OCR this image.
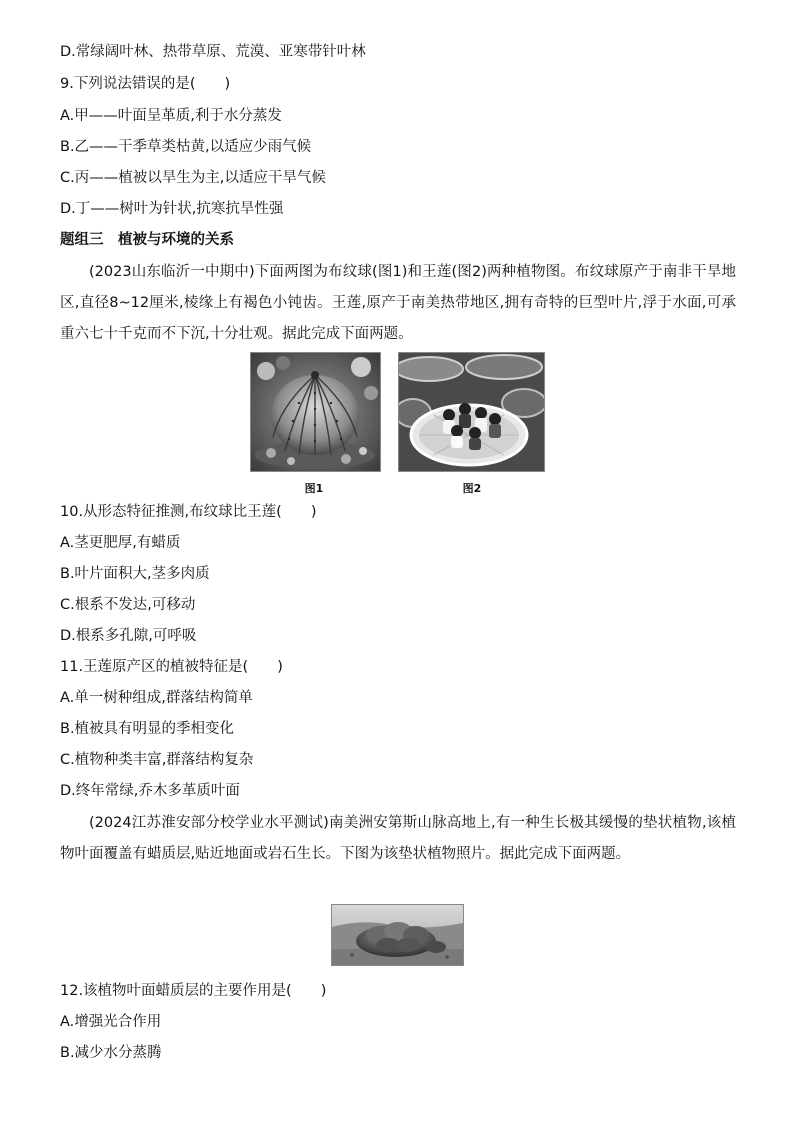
D.常绿阔叶林、热带草原、荒漠、亚寒带针叶林
9.下列说法错误的是(　　)
A.甲——叶面呈革质,利于水分蒸发
B.乙——干季草类枯黄,以适应少雨气候
C.丙——植被以旱生为主,以适应干旱气候
D.丁——树叶为针状,抗寒抗旱性强
题组三　植被与环境的关系
(2023山东临沂一中期中)下面两图为布纹球(图1)和王莲(图2)两种植物图。布纹球原产于南非干旱地区,直径8~12厘米,棱缘上有褐色小钝齿。王莲,原产于南美热带地区,拥有奇特的巨型叶片,浮于水面,可承重六七十千克而不下沉,十分壮观。据此完成下面两题。
图1	图2
10.从形态特征推测,布纹球比王莲(　　)
A.茎更肥厚,有蜡质
B.叶片面积大,茎多肉质
C.根系不发达,可移动
D.根系多孔隙,可呼吸
11.王莲原产区的植被特征是(　　)
A.单一树种组成,群落结构简单
B.植被具有明显的季相变化
C.植物种类丰富,群落结构复杂
D.终年常绿,乔木多革质叶面
(2024江苏淮安部分校学业水平测试)南美洲安第斯山脉高地上,有一种生长极其缓慢的垫状植物,该植物叶面覆盖有蜡质层,贴近地面或岩石生长。下图为该垫状植物照片。据此完成下面两题。
12.该植物叶面蜡质层的主要作用是(　　)
A.增强光合作用
B.减少水分蒸腾
